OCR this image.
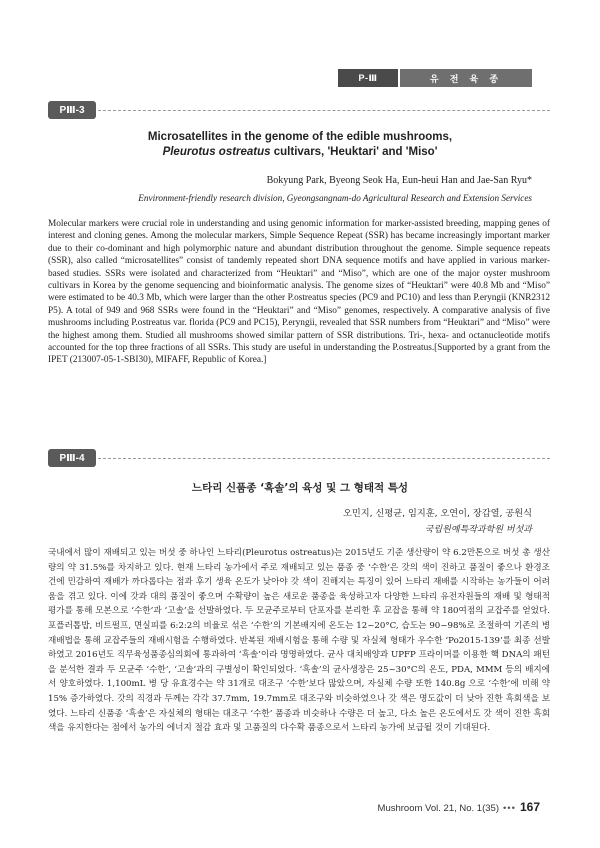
P-Ⅲ	유 전 육 종
PⅢ-3
Microsatellites in the genome of the edible mushrooms,
Pleurotus ostreatus cultivars, 'Heuktari' and 'Miso'
Bokyung Park, Byeong Seok Ha, Eun-heui Han and Jae-San Ryu*
Environment-friendly research division, Gyeongsangnam-do Agricultural Research and Extension Services

Molecular markers were crucial role in understanding and using genomic information for marker-assisted breeding, mapping genes of interest and cloning genes. Among the molecular markers, Simple Sequence Repeat (SSR) has became increasingly important marker due to their co-dominant and high polymorphic nature and abundant distribution throughout the genome. Simple sequence repeats (SSR), also called “microsatellites” consist of tandemly repeated short DNA sequence motifs and have applied in various marker-based studies. SSRs were isolated and characterized from “Heuktari” and “Miso”, which are one of the major oyster mushroom cultivars in Korea by the genome sequencing and bioinformatic analysis. The genome sizes of “Heuktari” were 40.8 Mb and “Miso” were estimated to be 40.3 Mb, which were larger than the other P.ostreatus species (PC9 and PC10) and less than P.eryngii (KNR2312 P5). A total of 949 and 968 SSRs were found in the “Heuktari” and “Miso” genomes, respectively. A comparative analysis of five mushrooms including P.ostreatus var. florida (PC9 and PC15), P.eryngii, revealed that SSR numbers from “Heuktari” and “Miso” were the highest among them. Studied all mushrooms showed similar pattern of SSR distributions. Tri-, hexa- and octanucleotide motifs accounted for the top three fractions of all SSRs. This study are useful in understanding the P.ostreatus.[Supported by a grant from the IPET (213007-05-1-SBI30), MIFAFF, Republic of Korea.]

PⅢ-4
느타리 신품종 ‘흑솔’의 육성 및 그 형태적 특성
오민지, 신평균, 임지훈, 오연이, 장갑열, 공원식
국립원예특작과학원 버섯과

국내에서 많이 재배되고 있는 버섯 중 하나인 느타리(Pleurotus ostreatus)는 2015년도 기준 생산량이 약 6.2만톤으로 버섯 총 생산량의 약 31.5%를 차지하고 있다. 현재 느타리 농가에서 주로 재배되고 있는 품종 중 ‘수한’은 갓의 색이 진하고 품질이 좋으나 환경조건에 민감하여 재배가 까다롭다는 점과 후기 생육 온도가 낮아야 갓 색이 진해지는 특징이 있어 느타리 재배를 시작하는 농가들이 어려움을 겪고 있다. 이에 갓과 대의 품질이 좋으며 수확량이 높은 새로운 품종을 육성하고자 다양한 느타리 유전자원들의 재배 및 형태적 평가를 통해 모본으로 ‘수한’과 ‘고솔’을 선발하였다. 두 모균주로부터 단포자를 분리한 후 교잡을 통해 약 180여점의 교잡주를 얻었다. 포플러톱밥, 비트펄프, 면실피를 6:2:2의 비율로 섞은 ‘수한’의 기본배지에 온도는 12~20°C, 습도는 90~98%로 조절하여 기존의 병재배법을 통해 교잡주들의 재배시험을 수행하였다. 반복된 재배시험을 통해 수량 및 자실체 형태가 우수한 ‘Po2015-139’를 최종 선발하였고 2016년도 직무육성품종심의회에 통과하여 ‘흑솔’이라 명명하였다. 균사 대치배양과 UPFP 프라이머를 이용한 핵 DNA의 패턴을 분석한 결과 두 모균주 ‘수한’, ‘고솔’과의 구별성이 확인되었다. ‘흑솔’의 균사생장은 25~30°C의 온도, PDA, MMM 등의 배지에서 양호하였다. 1,100mL 병 당 유효경수는 약 31개로 대조구 ‘수한’보다 많았으며, 자실체 수량 또한 140.8g 으로 ‘수한’에 비해 약 15% 증가하였다. 갓의 직경과 두께는 각각 37.7mm, 19.7mm로 대조구와 비슷하였으나 갓 색은 명도값이 더 낮아 진한 흑회색을 보였다. 느타리 신품종 ‘흑솔’은 자실체의 형태는 대조구 ‘수한’ 품종과 비슷하나 수량은 더 높고, 다소 높은 온도에서도 갓 색이 진한 흑회색을 유지한다는 점에서 농가의 에너지 절감 효과 및 고품질의 다수확 품종으로서 느타리 농가에 보급될 것이 기대된다.

Mushroom Vol. 21, No. 1(35) ••• 167
